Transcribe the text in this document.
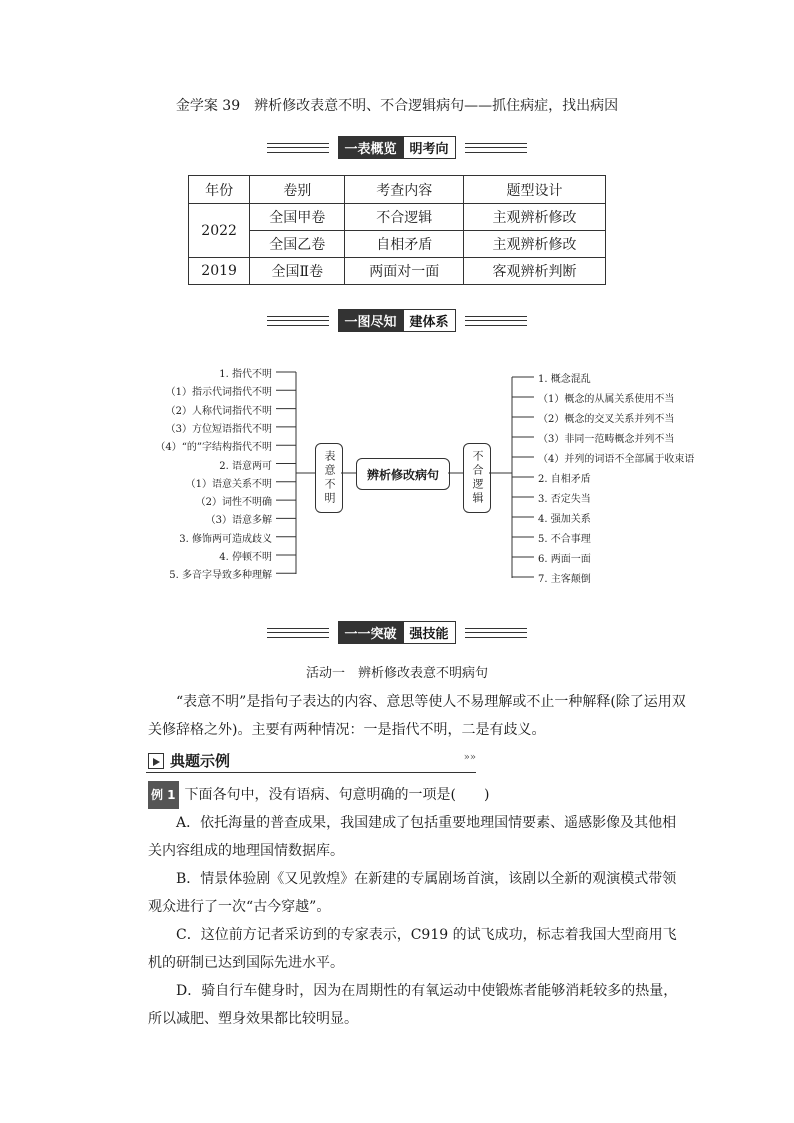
金学案 39　辨析修改表意不明、不合逻辑病句——抓住病症，找出病因
一表概览 明考向
年份	卷别	考查内容	题型设计
2022	全国甲卷	不合逻辑	主观辨析修改
	全国乙卷	自相矛盾	主观辨析修改
2019	全国Ⅱ卷	两面对一面	客观辨析判断
一图尽知 建体系
1. 指代不明
（1）指示代词指代不明
（2）人称代词指代不明
（3）方位短语指代不明
（4）“的”字结构指代不明
2. 语意两可
（1）语意关系不明
（2）词性不明确
（3）语意多解
3. 修饰两可造成歧义
4. 停顿不明
5. 多音字导致多种理解
1. 概念混乱
（1）概念的从属关系使用不当
（2）概念的交叉关系并列不当
（3）非同一范畴概念并列不当
（4）并列的词语不全部属于收束语
2. 自相矛盾
3. 否定失当
4. 强加关系
5. 不合事理
6. 两面一面
7. 主客颠倒
表意不明	辨析修改病句	不合逻辑
一一突破 强技能
活动一　辨析修改表意不明病句
“表意不明”是指句子表达的内容、意思等使人不易理解或不止一种解释(除了运用双关修辞格之外)。主要有两种情况：一是指代不明，二是有歧义。
典题示例	»»
例 1 下面各句中，没有语病、句意明确的一项是(　　)
A．依托海量的普查成果，我国建成了包括重要地理国情要素、遥感影像及其他相关内容组成的地理国情数据库。
B．情景体验剧《又见敦煌》在新建的专属剧场首演，该剧以全新的观演模式带领观众进行了一次“古今穿越”。
C．这位前方记者采访到的专家表示，C919 的试飞成功，标志着我国大型商用飞机的研制已达到国际先进水平。
D．骑自行车健身时，因为在周期性的有氧运动中使锻炼者能够消耗较多的热量，所以减肥、塑身效果都比较明显。
